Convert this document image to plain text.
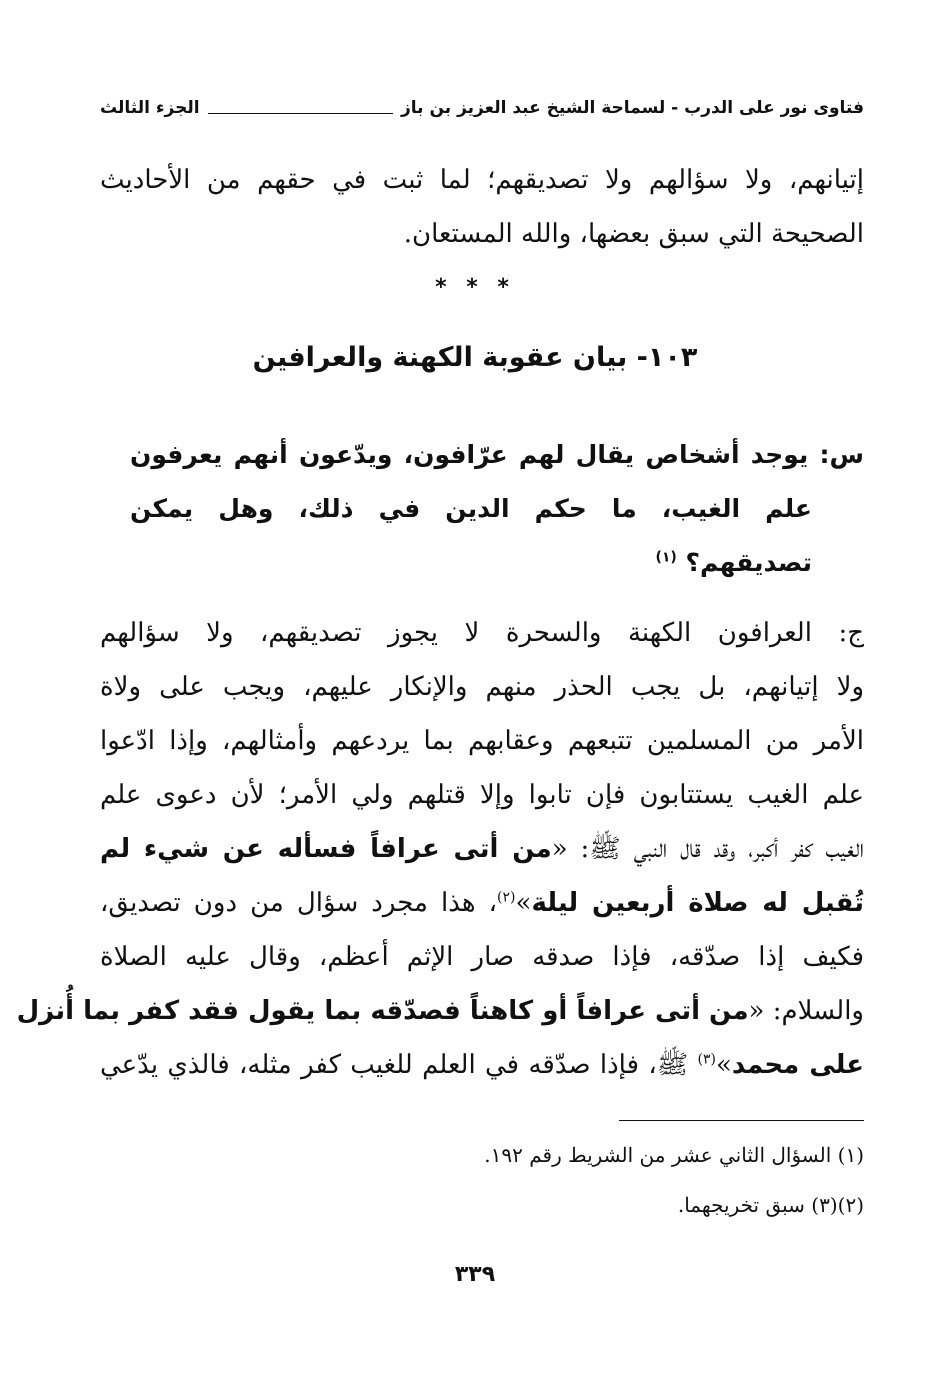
فتاوى نور على الدرب - لسماحة الشيخ عبد العزيز بن باز
الجزء الثالث
إتيانهم، ولا سؤالهم ولا تصديقهم؛ لما ثبت في حقهم من الأحاديث
الصحيحة التي سبق بعضها، والله المستعان.
* * *
١٠٣- بيان عقوبة الكهنة والعرافين
س: يوجد أشخاص يقال لهم عرّافون، ويدّعون أنهم يعرفون
علم الغيب، ما حكم الدين في ذلك، وهل يمكن
تصديقهم؟ $^{(١)}$
ج: العرافون الكهنة والسحرة لا يجوز تصديقهم، ولا سؤالهم
ولا إتيانهم، بل يجب الحذر منهم والإنكار عليهم، ويجب على ولاة
الأمر من المسلمين تتبعهم وعقابهم بما يردعهم وأمثالهم، وإذا ادّعوا
علم الغيب يستتابون فإن تابوا وإلا قتلهم ولي الأمر؛ لأن دعوى علم
الغيب كفر أكبر، وقد قال النبي ﷺ: «من أتى عرافاً فسأله عن شيء لم
تُقبل له صلاة أربعين ليلة»$^{(٢)}$، هذا مجرد سؤال من دون تصديق،
فكيف إذا صدّقه، فإذا صدقه صار الإثم أعظم، وقال عليه الصلاة
والسلام: «من أتى عرافاً أو كاهناً فصدّقه بما يقول فقد كفر بما أُنزل
على محمد»$^{(٣)}$ ﷺ، فإذا صدّقه في العلم للغيب كفر مثله، فالذي يدّعي
(١) السؤال الثاني عشر من الشريط رقم ١٩٢.
(٢)(٣) سبق تخريجهما.
٣٣٩
